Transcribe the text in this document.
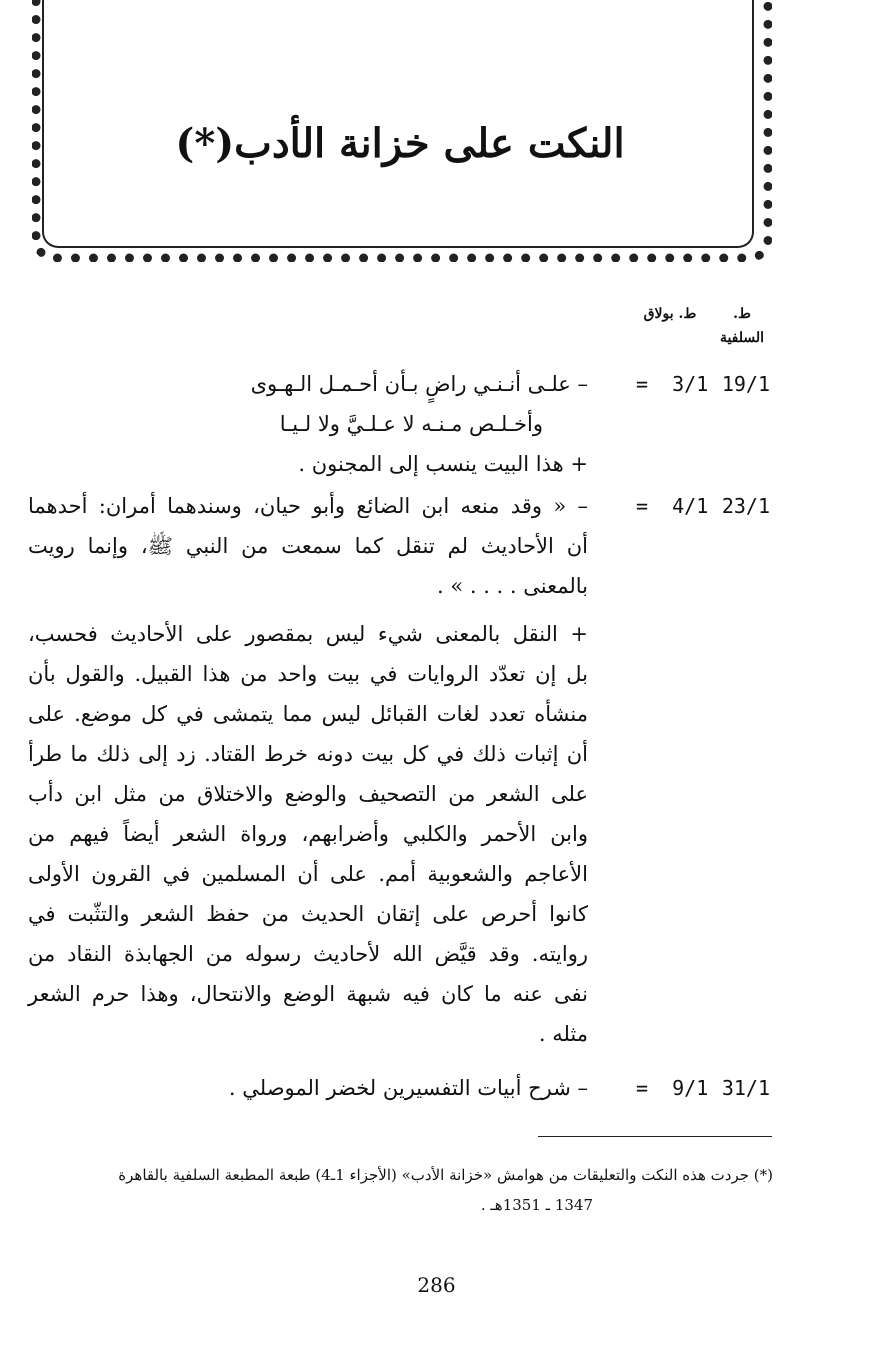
النكت على خزانة الأدب(*)
ط. السلفية
ط. بولاق
19/1
=  3/1
– علـى أنـنـي راضٍ بـأن أحـمـل الـهـوى
وأخـلـص مـنـه لا عـلـيَّ ولا لـيـا
+ هذا البيت ينسب إلى المجنون .
23/1
=  4/1
– « وقد منعه ابن الضائع وأبو حيان، وسندهما أمران: أحدهما
أن الأحاديث لم تنقل كما سمعت من النبي ﷺ، وإنما رويت
بالمعنى . . . . » .
+ النقل بالمعنى شيء ليس بمقصور على الأحاديث فحسب،
بل إن تعدّد الروايات في بيت واحد من هذا القبيل. والقول بأن
منشأه تعدد لغات القبائل ليس مما يتمشى في كل موضع. على
أن إثبات ذلك في كل بيت دونه خرط القتاد. زد إلى ذلك ما طرأ
على الشعر من التصحيف والوضع والاختلاق من مثل ابن دأب
وابن الأحمر والكلبي وأضرابهم، ورواة الشعر أيضاً فيهم من
الأعاجم والشعوبية أمم. على أن المسلمين في القرون الأولى
كانوا أحرص على إتقان الحديث من حفظ الشعر والتثّبت في
روايته. وقد قيَّض الله لأحاديث رسوله من الجهابذة النقاد من
نفى عنه ما كان فيه شبهة الوضع والانتحال، وهذا حرم الشعر
مثله .
31/1
=  9/1
– شرح أبيات التفسيرين لخضر الموصلي .
(*) جردت هذه النكت والتعليقات من هوامش «خزانة الأدب» (الأجزاء 1ـ4) طبعة المطبعة السلفية بالقاهرة
1347 ـ 1351هـ .
286
